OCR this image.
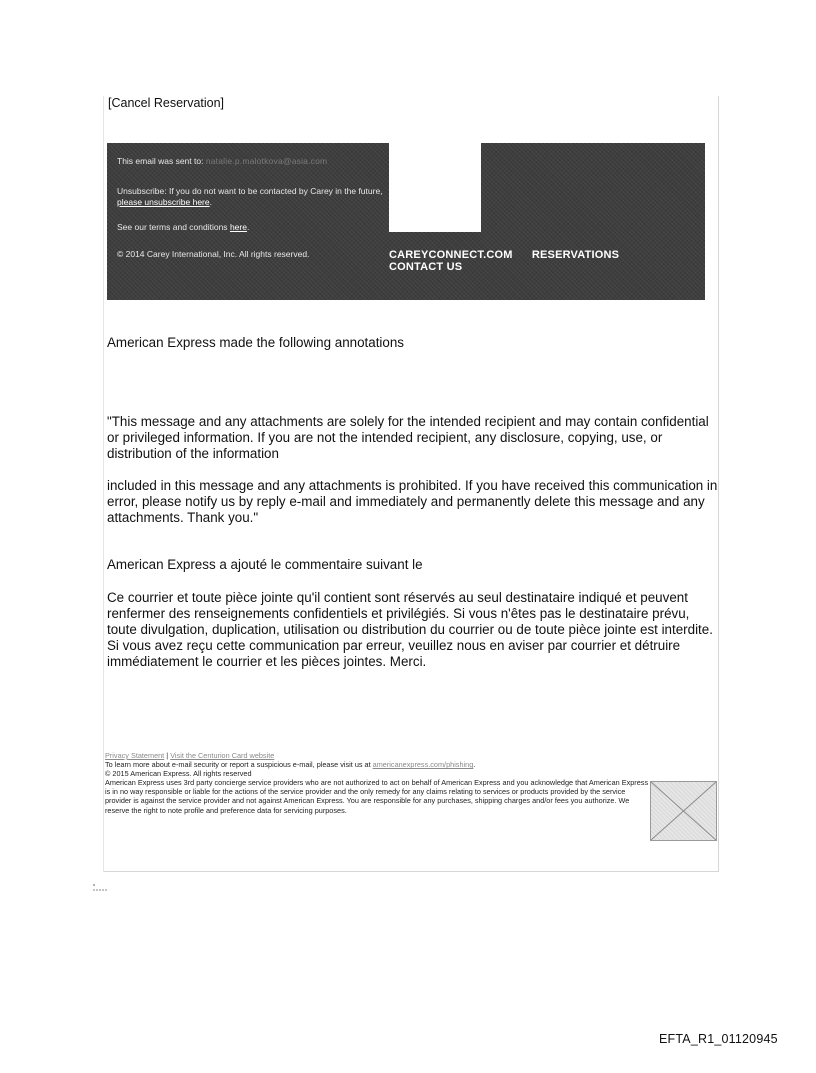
[Cancel Reservation]
This email was sent to: natalie.p.malotkova@asia.com
Unsubscribe: If you do not want to be contacted by Carey in the future, please unsubscribe here.
See our terms and conditions here.
© 2014 Carey International, Inc. All rights reserved.	CAREYCONNECT.COM RESERVATIONS CONTACT US
American Express made the following annotations
"This message and any attachments are solely for the intended recipient and may contain confidential or privileged information. If you are not the intended recipient, any disclosure, copying, use, or distribution of the information
included in this message and any attachments is prohibited. If you have received this communication in error, please notify us by reply e-mail and immediately and permanently delete this message and any attachments. Thank you."
American Express a ajouté le commentaire suivant le
Ce courrier et toute pièce jointe qu'il contient sont réservés au seul destinataire indiqué et peuvent renfermer des renseignements confidentiels et privilégiés. Si vous n'êtes pas le destinataire prévu, toute divulgation, duplication, utilisation ou distribution du courrier ou de toute pièce jointe est interdite. Si vous avez reçu cette communication par erreur, veuillez nous en aviser par courrier et détruire immédiatement le courrier et les pièces jointes. Merci.
Privacy Statement | Visit the Centurion Card website
To learn more about e-mail security or report a suspicious e-mail, please visit us at americanexpress.com/phishing.
© 2015 American Express. All rights reserved
American Express uses 3rd party concierge service providers who are not authorized to act on behalf of American Express and you acknowledge that American Express is in no way responsible or liable for the actions of the service provider and the only remedy for any claims relating to services or products provided by the service provider is against the service provider and not against American Express. You are responsible for any purchases, shipping charges and/or fees you authorize. We reserve the right to note profile and preference data for servicing purposes.
EFTA_R1_01120945
